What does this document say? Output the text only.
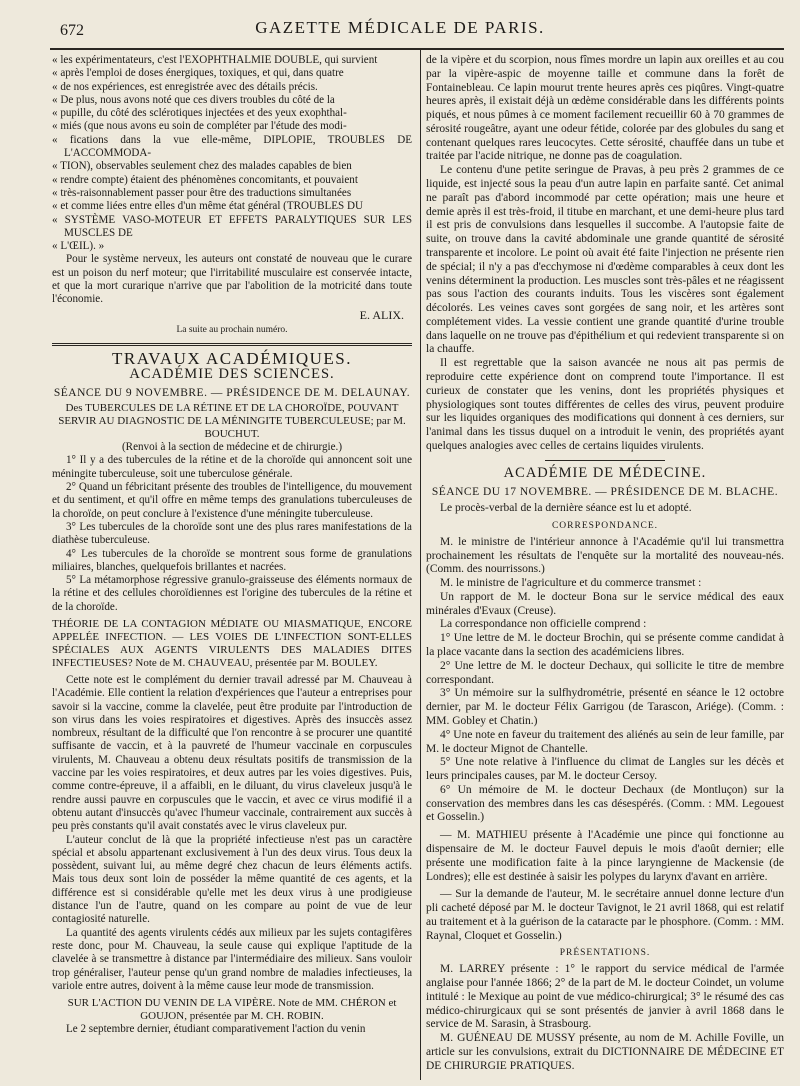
672	GAZETTE MÉDICALE DE PARIS.
« les expérimentateurs, c'est l'EXOPHTHALMIE DOUBLE, qui survient
« après l'emploi de doses énergiques, toxiques, et qui, dans quatre
« de nos expériences, est enregistrée avec des détails précis.
« De plus, nous avons noté que ces divers troubles du côté de la
« pupille, du côté des sclérotiques injectées et des yeux exophthal-
« miés (que nous avons eu soin de compléter par l'étude des modi-
« fications dans la vue elle-même, DIPLOPIE, TROUBLES DE L'ACCOMMODA-
« TION), observables seulement chez des malades capables de bien
« rendre compte) étaient des phénomènes concomitants, et pouvaient
« très-raisonnablement passer pour être des traductions simultanées
« et comme liées entre elles d'un même état général (TROUBLES DU
« SYSTÈME VASO-MOTEUR ET EFFETS PARALYTIQUES SUR LES MUSCLES DE
« L'ŒIL). »

Pour le système nerveux, les auteurs ont constaté de nouveau que le curare est un poison du nerf moteur; que l'irritabilité musculaire est conservée intacte, et que la mort curarique n'arrive que par l'abolition de la motricité dans toute l'économie.

E. ALIX.
La suite au prochain numéro.
TRAVAUX ACADÉMIQUES.
ACADÉMIE DES SCIENCES.
SÉANCE DU 9 NOVEMBRE. — PRÉSIDENCE DE M. DELAUNAY.

Des TUBERCULES DE LA RÉTINE ET DE LA CHOROÏDE, POUVANT SERVIR AU DIAGNOSTIC DE LA MÉNINGITE TUBERCULEUSE; par M. BOUCHUT.

(Renvoi à la section de médecine et de chirurgie.)

1° Il y a des tubercules de la rétine et de la choroïde qui annoncent soit une méningite tuberculeuse, soit une tuberculose générale.

2° Quand un fébricitant présente des troubles de l'intelligence, du mouvement et du sentiment, et qu'il offre en même temps des granulations tuberculeuses de la choroïde, on peut conclure à l'existence d'une méningite tuberculeuse.

3° Les tubercules de la choroïde sont une des plus rares manifestations de la diathèse tuberculeuse.

4° Les tubercules de la choroïde se montrent sous forme de granulations miliaires, blanches, quelquefois brillantes et nacrées.

5° La métamorphose régressive granulo-graisseuse des éléments normaux de la rétine et des cellules choroïdiennes est l'origine des tubercules de la rétine et de la choroïde.

THÉORIE DE LA CONTAGION MÉDIATE OU MIASMATIQUE, ENCORE APPELÉE INFECTION. — LES VOIES DE L'INFECTION SONT-ELLES SPÉCIALES AUX AGENTS VIRULENTS DES MALADIES DITES INFECTIEUSES? Note de M. CHAUVEAU, présentée par M. BOULEY.

Cette note est le complément du dernier travail adressé par M. Chauveau à l'Académie. Elle contient la relation d'expériences que l'auteur a entreprises pour savoir si la vaccine, comme la clavelée, peut être produite par l'introduction de son virus dans les voies respiratoires et digestives. Après des insuccès assez nombreux, résultant de la difficulté que l'on rencontre à se procurer une quantité suffisante de vaccin, et à la pauvreté de l'humeur vaccinale en corpuscules virulents, M. Chauveau a obtenu deux résultats positifs de transmission de la vaccine par les voies respiratoires, et deux autres par les voies digestives. Puis, comme contre-épreuve, il a affaibli, en le diluant, du virus claveleux jusqu'à le rendre aussi pauvre en corpuscules que le vaccin, et avec ce virus modifié il a obtenu autant d'insuccès qu'avec l'humeur vaccinale, contrairement aux succès à peu près constants qu'il avait constatés avec le virus claveleux pur.

L'auteur conclut de là que la propriété infectieuse n'est pas un caractère spécial et absolu appartenant exclusivement à l'un des deux virus. Tous deux la possèdent, suivant lui, au même degré chez chacun de leurs éléments actifs. Mais tous deux sont loin de posséder la même quantité de ces agents, et la différence est si considérable qu'elle met les deux virus à une prodigieuse distance l'un de l'autre, quand on les compare au point de vue de leur contagiosité naturelle.

La quantité des agents virulents cédés aux milieux par les sujets contagifères reste donc, pour M. Chauveau, la seule cause qui explique l'aptitude de la clavelée à se transmettre à distance par l'intermédiaire des milieux. Sans vouloir trop généraliser, l'auteur pense qu'un grand nombre de maladies infectieuses, la variole entre autres, doivent à la même cause leur mode de transmission.

SUR L'ACTION DU VENIN DE LA VIPÈRE. Note de MM. CHÉRON et GOUJON, présentée par M. CH. ROBIN.

Le 2 septembre dernier, étudiant comparativement l'action du venin

de la vipère et du scorpion, nous fîmes mordre un lapin aux oreilles et au cou par la vipère-aspic de moyenne taille et commune dans la forêt de Fontainebleau. Ce lapin mourut trente heures après ces piqûres. Vingt-quatre heures après, il existait déjà un œdème considérable dans les différents points piqués, et nous pûmes à ce moment facilement recueillir 60 à 70 grammes de sérosité rougeâtre, ayant une odeur fétide, colorée par des globules du sang et contenant quelques rares leucocytes. Cette sérosité, chauffée dans un tube et traitée par l'acide nitrique, ne donne pas de coagulation.

Le contenu d'une petite seringue de Pravas, à peu près 2 grammes de ce liquide, est injecté sous la peau d'un autre lapin en parfaite santé. Cet animal ne paraît pas d'abord incommodé par cette opération; mais une heure et demie après il est très-froid, il titube en marchant, et une demi-heure plus tard il est pris de convulsions dans lesquelles il succombe. A l'autopsie faite de suite, on trouve dans la cavité abdominale une grande quantité de sérosité transparente et incolore. Le point où avait été faite l'injection ne présente rien de spécial; il n'y a pas d'ecchymose ni d'œdème comparables à ceux dont les venins déterminent la production. Les muscles sont très-pâles et ne réagissent pas sous l'action des courants induits. Tous les viscères sont également décolorés. Les veines caves sont gorgées de sang noir, et les artères sont complétement vides. La vessie contient une grande quantité d'urine trouble dans laquelle on ne trouve pas d'épithélium et qui redevient transparente si on la chauffe.

Il est regrettable que la saison avancée ne nous ait pas permis de reproduire cette expérience dont on comprend toute l'importance. Il est curieux de constater que les venins, dont les propriétés physiques et physiologiques sont toutes différentes de celles des virus, peuvent produire sur les liquides organiques des modifications qui donnent à ces derniers, sur l'animal dans les tissus duquel on a introduit le venin, des propriétés ayant quelques analogies avec celles de certains liquides virulents.

ACADÉMIE DE MÉDECINE.
SÉANCE DU 17 NOVEMBRE. — PRÉSIDENCE DE M. BLACHE.

Le procès-verbal de la dernière séance est lu et adopté.

CORRESPONDANCE.

M. le ministre de l'intérieur annonce à l'Académie qu'il lui transmettra prochainement les résultats de l'enquête sur la mortalité des nouveau-nés. (Comm. des nourrissons.)

M. le ministre de l'agriculture et du commerce transmet :

Un rapport de M. le docteur Bona sur le service médical des eaux minérales d'Evaux (Creuse).

La correspondance non officielle comprend :

1° Une lettre de M. le docteur Brochin, qui se présente comme candidat à la place vacante dans la section des académiciens libres.

2° Une lettre de M. le docteur Dechaux, qui sollicite le titre de membre correspondant.

3° Un mémoire sur la sulfhydrométrie, présenté en séance le 12 octobre dernier, par M. le docteur Félix Garrigou (de Tarascon, Ariége). (Comm. : MM. Gobley et Chatin.)

4° Une note en faveur du traitement des aliénés au sein de leur famille, par M. le docteur Mignot de Chantelle.

5° Une note relative à l'influence du climat de Langles sur les décès et leurs principales causes, par M. le docteur Cersoy.

6° Un mémoire de M. le docteur Dechaux (de Montluçon) sur la conservation des membres dans les cas désespérés. (Comm. : MM. Legouest et Gosselin.)

— M. MATHIEU présente à l'Académie une pince qui fonctionne au dispensaire de M. le docteur Fauvel depuis le mois d'août dernier; elle présente une modification faite à la pince laryngienne de Mackensie (de Londres); elle est destinée à saisir les polypes du larynx d'avant en arrière.

— Sur la demande de l'auteur, M. le secrétaire annuel donne lecture d'un pli cacheté déposé par M. le docteur Tavignot, le 21 avril 1868, qui est relatif au traitement et à la guérison de la cataracte par le phosphore. (Comm. : MM. Raynal, Cloquet et Gosselin.)

PRÉSENTATIONS.

M. LARREY présente : 1° le rapport du service médical de l'armée anglaise pour l'année 1866; 2° de la part de M. le docteur Coindet, un volume intitulé : le Mexique au point de vue médico-chirurgical; 3° le résumé des cas médico-chirurgicaux qui se sont présentés de janvier à avril 1868 dans le service de M. Sarasin, à Strasbourg.

M. GUÉNEAU DE MUSSY présente, au nom de M. Achille Foville, un article sur les convulsions, extrait du DICTIONNAIRE DE MÉDECINE ET DE CHIRURGIE PRATIQUES.
